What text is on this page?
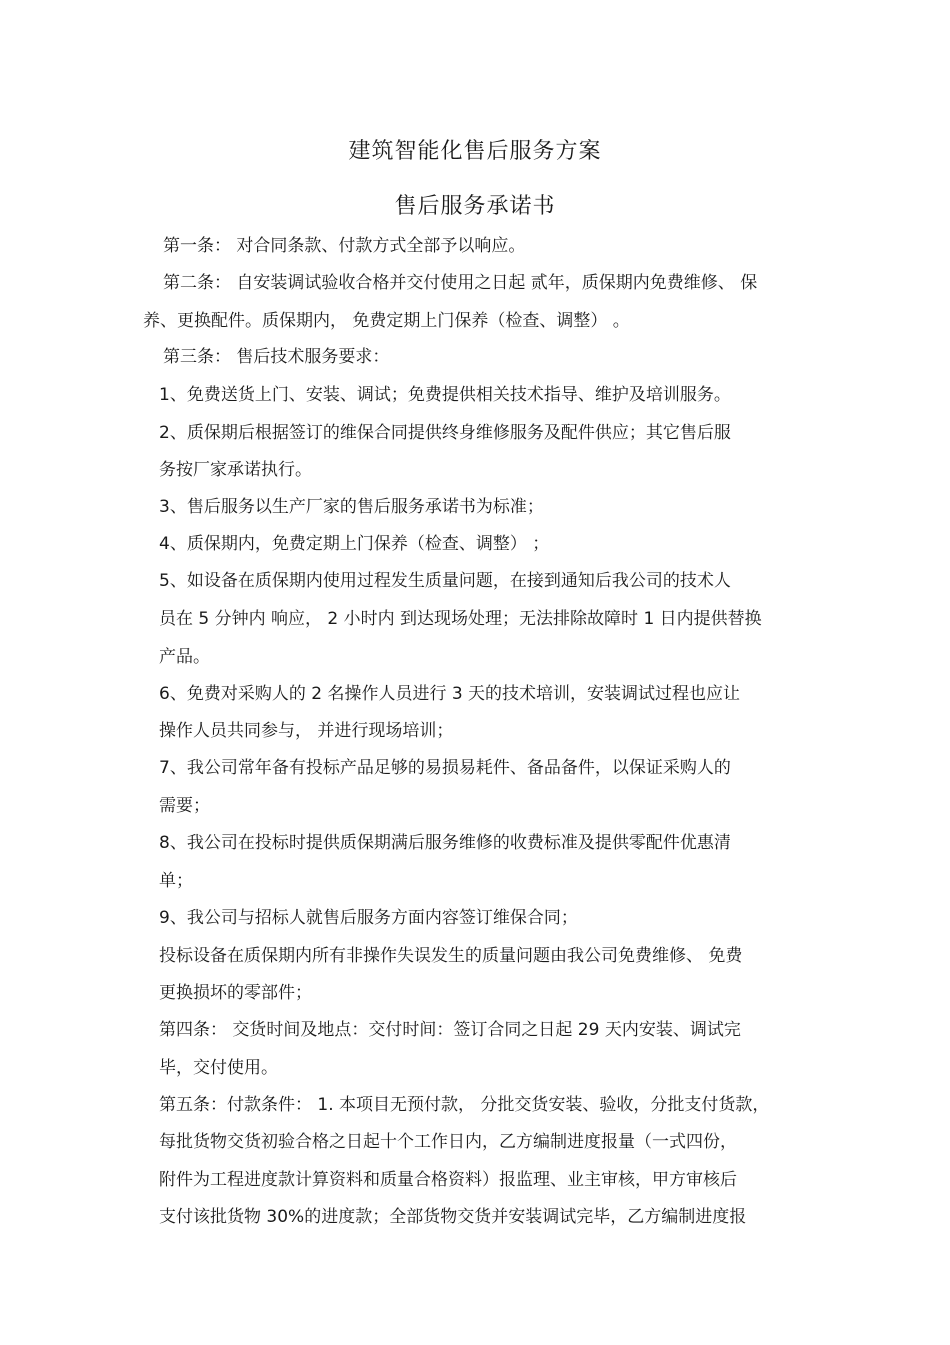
建筑智能化售后服务方案
售后服务承诺书
第一条： 对合同条款、付款方式全部予以响应。
第二条： 自安装调试验收合格并交付使用之日起 贰年，质保期内免费维修、 保
养、更换配件。质保期内， 免费定期上门保养（检查、调整） 。
第三条： 售后技术服务要求：
1、免费送货上门、安装、调试；免费提供相关技术指导、维护及培训服务。
2、质保期后根据签订的维保合同提供终身维修服务及配件供应；其它售后服
务按厂家承诺执行。
3、售后服务以生产厂家的售后服务承诺书为标准；
4、质保期内，免费定期上门保养（检查、调整） ；
5、如设备在质保期内使用过程发生质量问题，在接到通知后我公司的技术人
员在 5 分钟内 响应， 2 小时内 到达现场处理；无法排除故障时 1 日内提供替换
产品。
6、免费对采购人的 2 名操作人员进行 3 天的技术培训，安装调试过程也应让
操作人员共同参与， 并进行现场培训；
7、我公司常年备有投标产品足够的易损易耗件、备品备件，以保证采购人的
需要；
8、我公司在投标时提供质保期满后服务维修的收费标准及提供零配件优惠清
单；
9、我公司与招标人就售后服务方面内容签订维保合同；
投标设备在质保期内所有非操作失误发生的质量问题由我公司免费维修、 免费
更换损坏的零部件；
第四条： 交货时间及地点：交付时间：签订合同之日起 29 天内安装、调试完
毕，交付使用。
第五条：付款条件： 1. 本项目无预付款， 分批交货安装、验收，分批支付货款，
每批货物交货初验合格之日起十个工作日内，乙方编制进度报量（一式四份，
附件为工程进度款计算资料和质量合格资料）报监理、业主审核，甲方审核后
支付该批货物 30%的进度款；全部货物交货并安装调试完毕，乙方编制进度报
